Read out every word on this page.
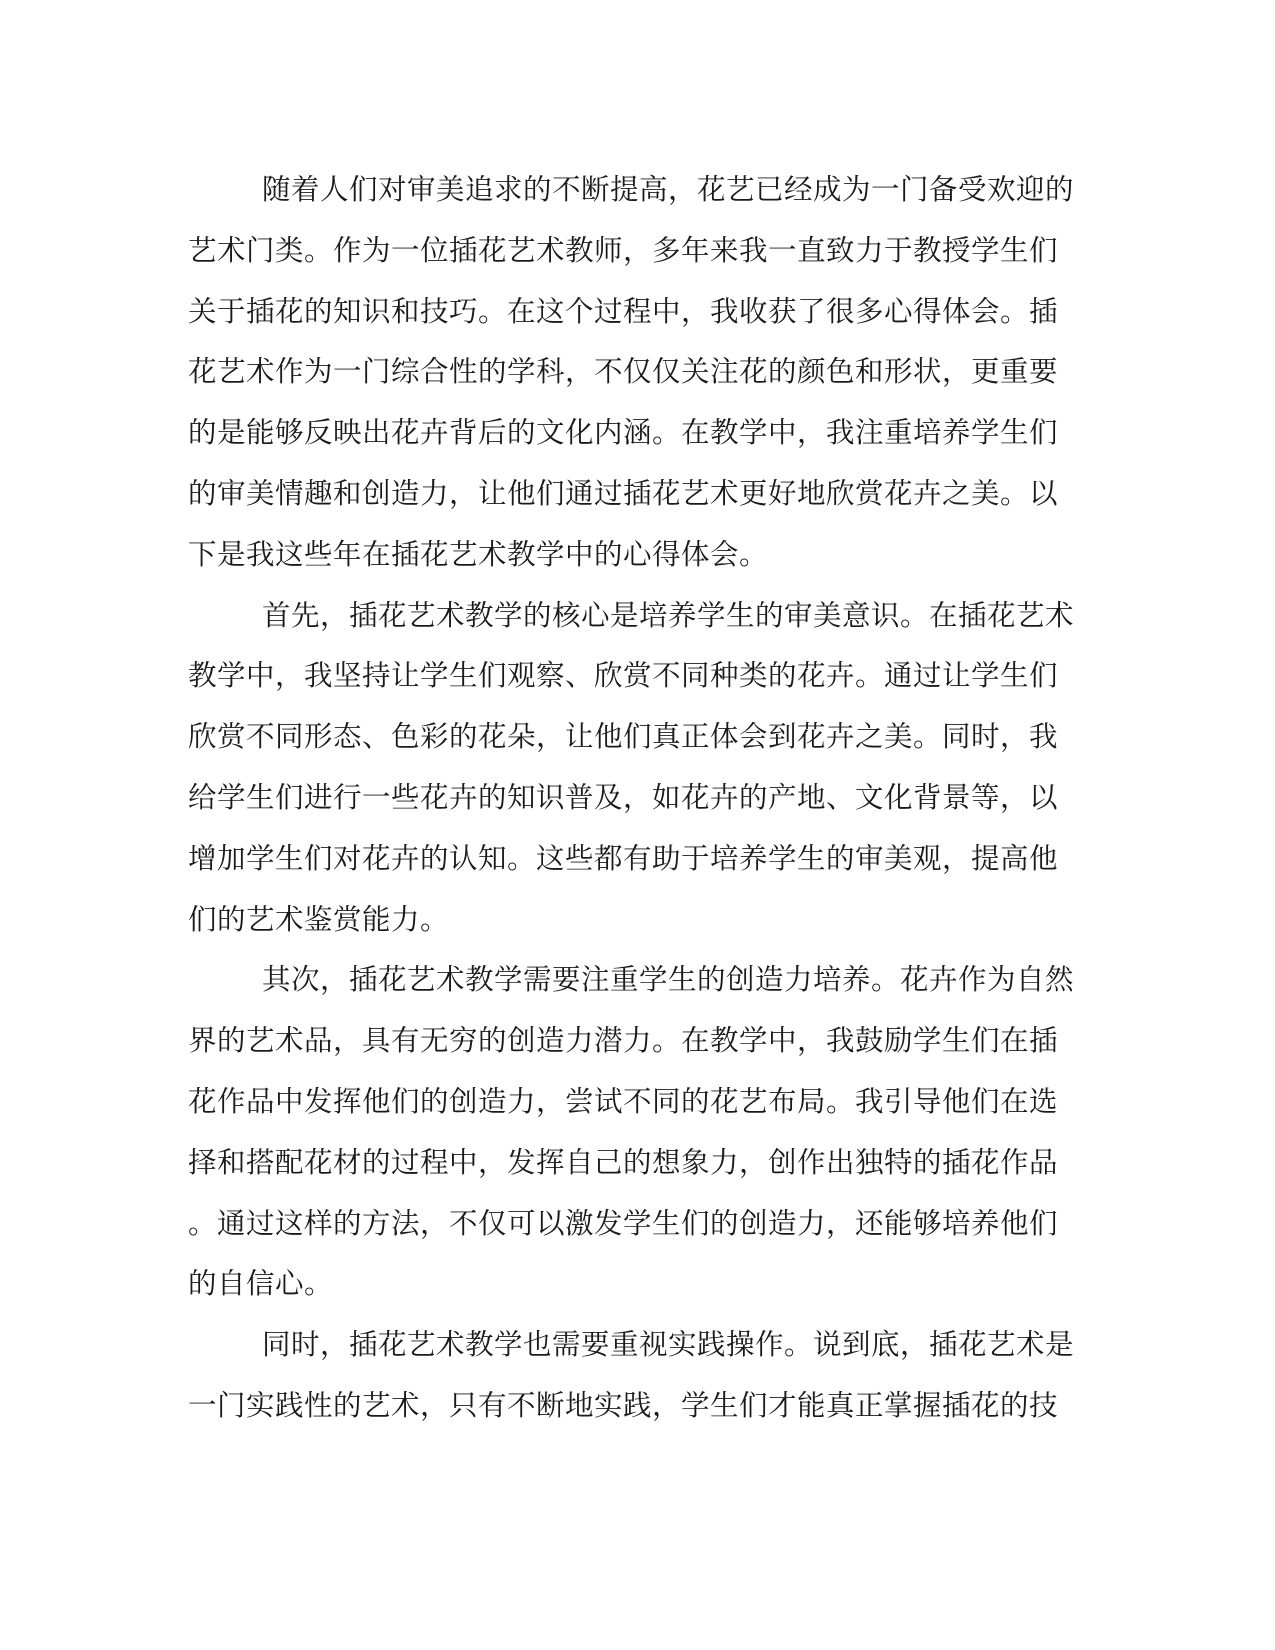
随着人们对审美追求的不断提高，花艺已经成为一门备受欢迎的
艺术门类。作为一位插花艺术教师，多年来我一直致力于教授学生们
关于插花的知识和技巧。在这个过程中，我收获了很多心得体会。插
花艺术作为一门综合性的学科，不仅仅关注花的颜色和形状，更重要
的是能够反映出花卉背后的文化内涵。在教学中，我注重培养学生们
的审美情趣和创造力，让他们通过插花艺术更好地欣赏花卉之美。以
下是我这些年在插花艺术教学中的心得体会。
首先，插花艺术教学的核心是培养学生的审美意识。在插花艺术
教学中，我坚持让学生们观察、欣赏不同种类的花卉。通过让学生们
欣赏不同形态、色彩的花朵，让他们真正体会到花卉之美。同时，我
给学生们进行一些花卉的知识普及，如花卉的产地、文化背景等，以
增加学生们对花卉的认知。这些都有助于培养学生的审美观，提高他
们的艺术鉴赏能力。
其次，插花艺术教学需要注重学生的创造力培养。花卉作为自然
界的艺术品，具有无穷的创造力潜力。在教学中，我鼓励学生们在插
花作品中发挥他们的创造力，尝试不同的花艺布局。我引导他们在选
择和搭配花材的过程中，发挥自己的想象力，创作出独特的插花作品
。通过这样的方法，不仅可以激发学生们的创造力，还能够培养他们
的自信心。
同时，插花艺术教学也需要重视实践操作。说到底，插花艺术是
一门实践性的艺术，只有不断地实践，学生们才能真正掌握插花的技
